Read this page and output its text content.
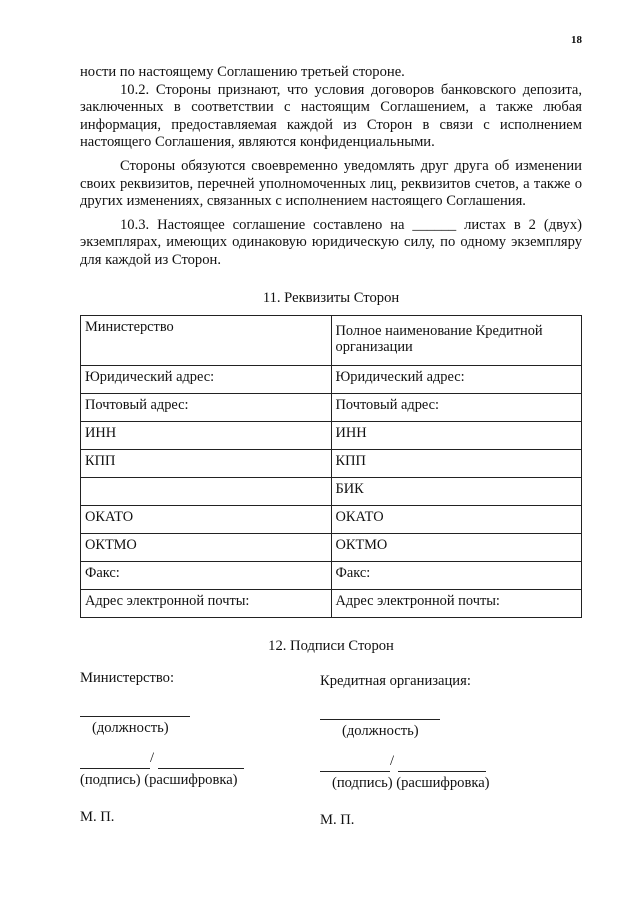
18

ности по настоящему Соглашению третьей стороне.

10.2. Стороны признают, что условия договоров банковского депозита, заключенных в соответствии с настоящим Соглашением, а также любая информация, предоставляемая каждой из Сторон в связи с исполнением настоящего Соглашения, являются конфиденциальными.

Стороны обязуются своевременно уведомлять друг друга об изменении своих реквизитов, перечней уполномоченных лиц, реквизитов счетов, а также о других изменениях, связанных с исполнением настоящего Соглашения.

10.3. Настоящее соглашение составлено на ______ листах в 2 (двух) экземплярах, имеющих одинаковую юридическую силу, по одному экземпляру для каждой из Сторон.

11. Реквизиты Сторон
Министерство	Полное наименование Кредитной организации
Юридический адрес:	Юридический адрес:
Почтовый адрес:	Почтовый адрес:
ИНН	ИНН
КПП	КПП
	БИК
ОКАТО	ОКАТО
ОКТМО	ОКТМО
Факс:	Факс:
Адрес электронной почты:	Адрес электронной почты:
12. Подписи Сторон
Министерство:
(должность)
/
(подпись) (расшифровка)
М. П.
Кредитная организация:
(должность)
/
(подпись) (расшифровка)
М. П.
